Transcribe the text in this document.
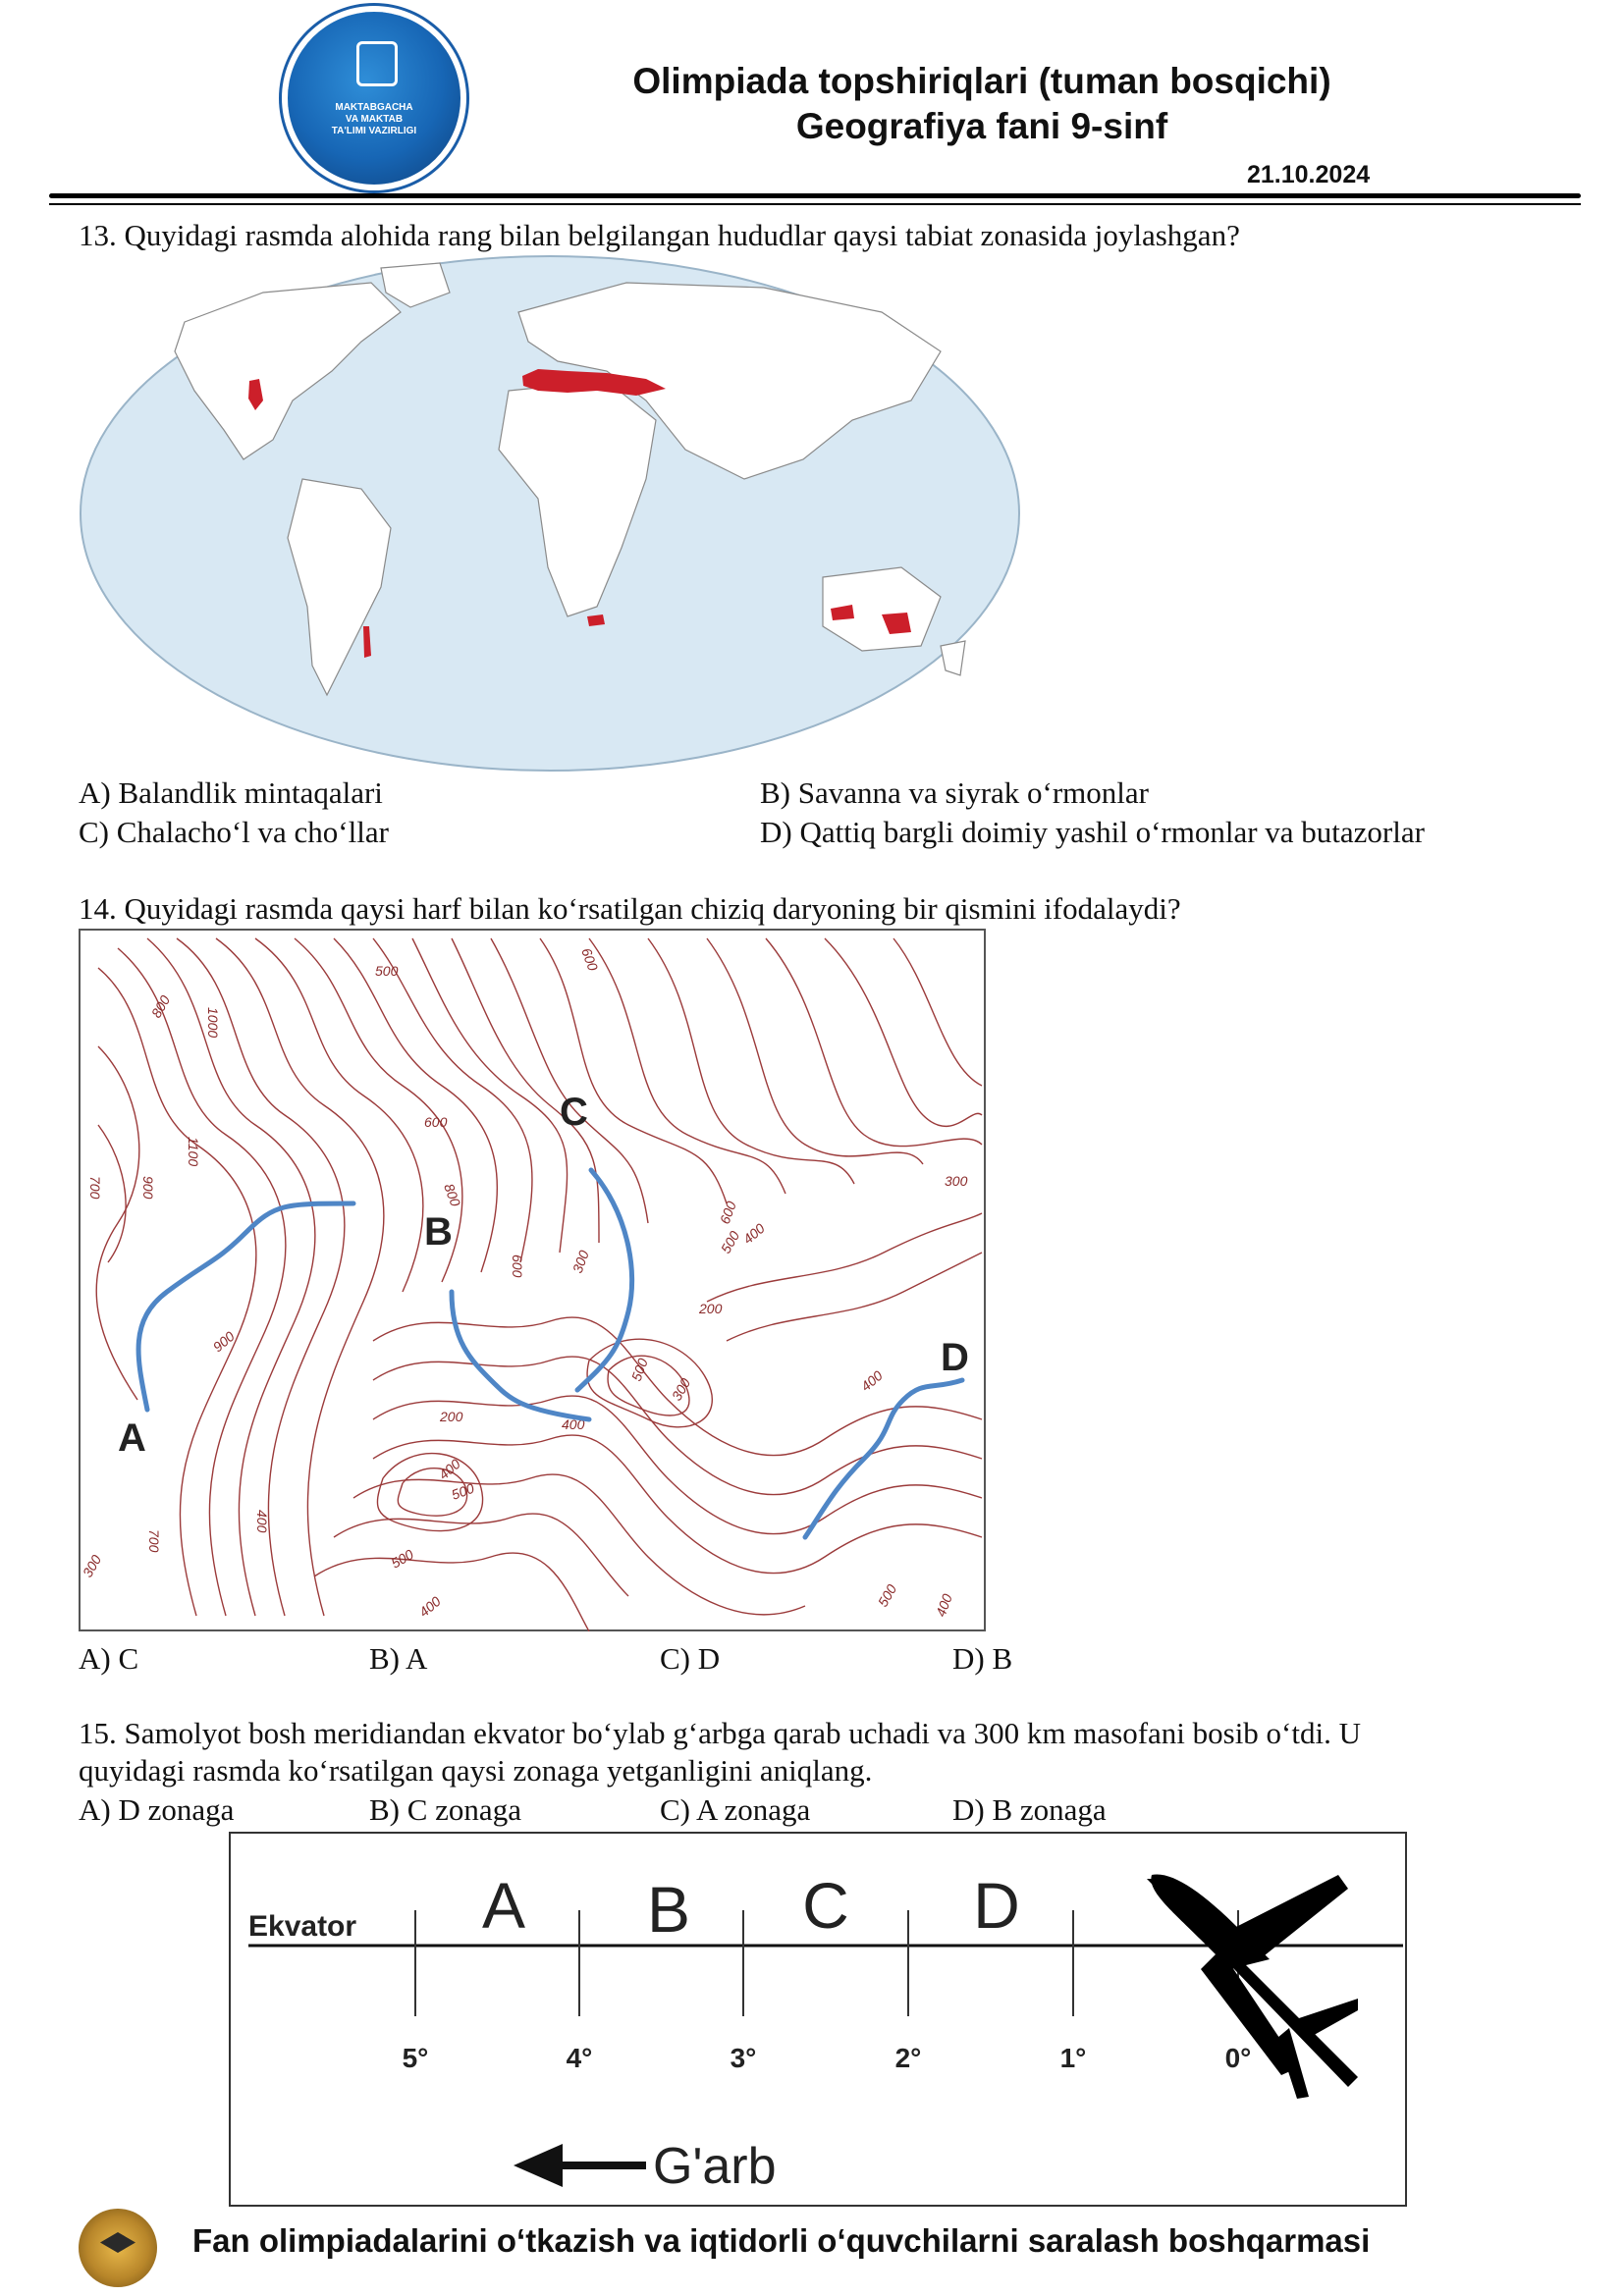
MAKTABGACHA
VA MAKTAB
TA'LIMI VAZIRLIGI
Olimpiada topshiriqlari (tuman bosqichi)
Geografiya fani 9-sinf
21.10.2024
13. Quyidagi rasmda alohida rang bilan belgilangan hududlar qaysi tabiat zonasida joylashgan?
A) Balandlik mintaqalari	B) Savanna va siyrak o‘rmonlar
C) Chalacho‘l va cho‘llar	D) Qattiq bargli doimiy yashil o‘rmonlar va butazorlar
14. Quyidagi rasmda qaysi harf bilan ko‘rsatilgan chiziq daryoning bir qismini ifodalaydi?
800
1000
1100
900
700
500
600
800
600	300
600
500
400
300
200
900
200	400
500
300	400
400
500
400
700
500
400	500 400
300
600
A
B
C
D
A) C	B) A	C) D	D) B
15. Samolyot bosh meridiandan ekvator bo‘ylab g‘arbga qarab uchadi va 300 km masofani bosib o‘tdi. U
quyidagi rasmda ko‘rsatilgan qaysi zonaga yetganligini aniqlang.
A) D zonaga	B) C zonaga	C) A zonaga	D) B zonaga
Ekvator A B C D
5°	4°	3°	2°	1°	0°
G'arb
Fan olimpiadalarini o‘tkazish va iqtidorli o‘quvchilarni saralash boshqarmasi
